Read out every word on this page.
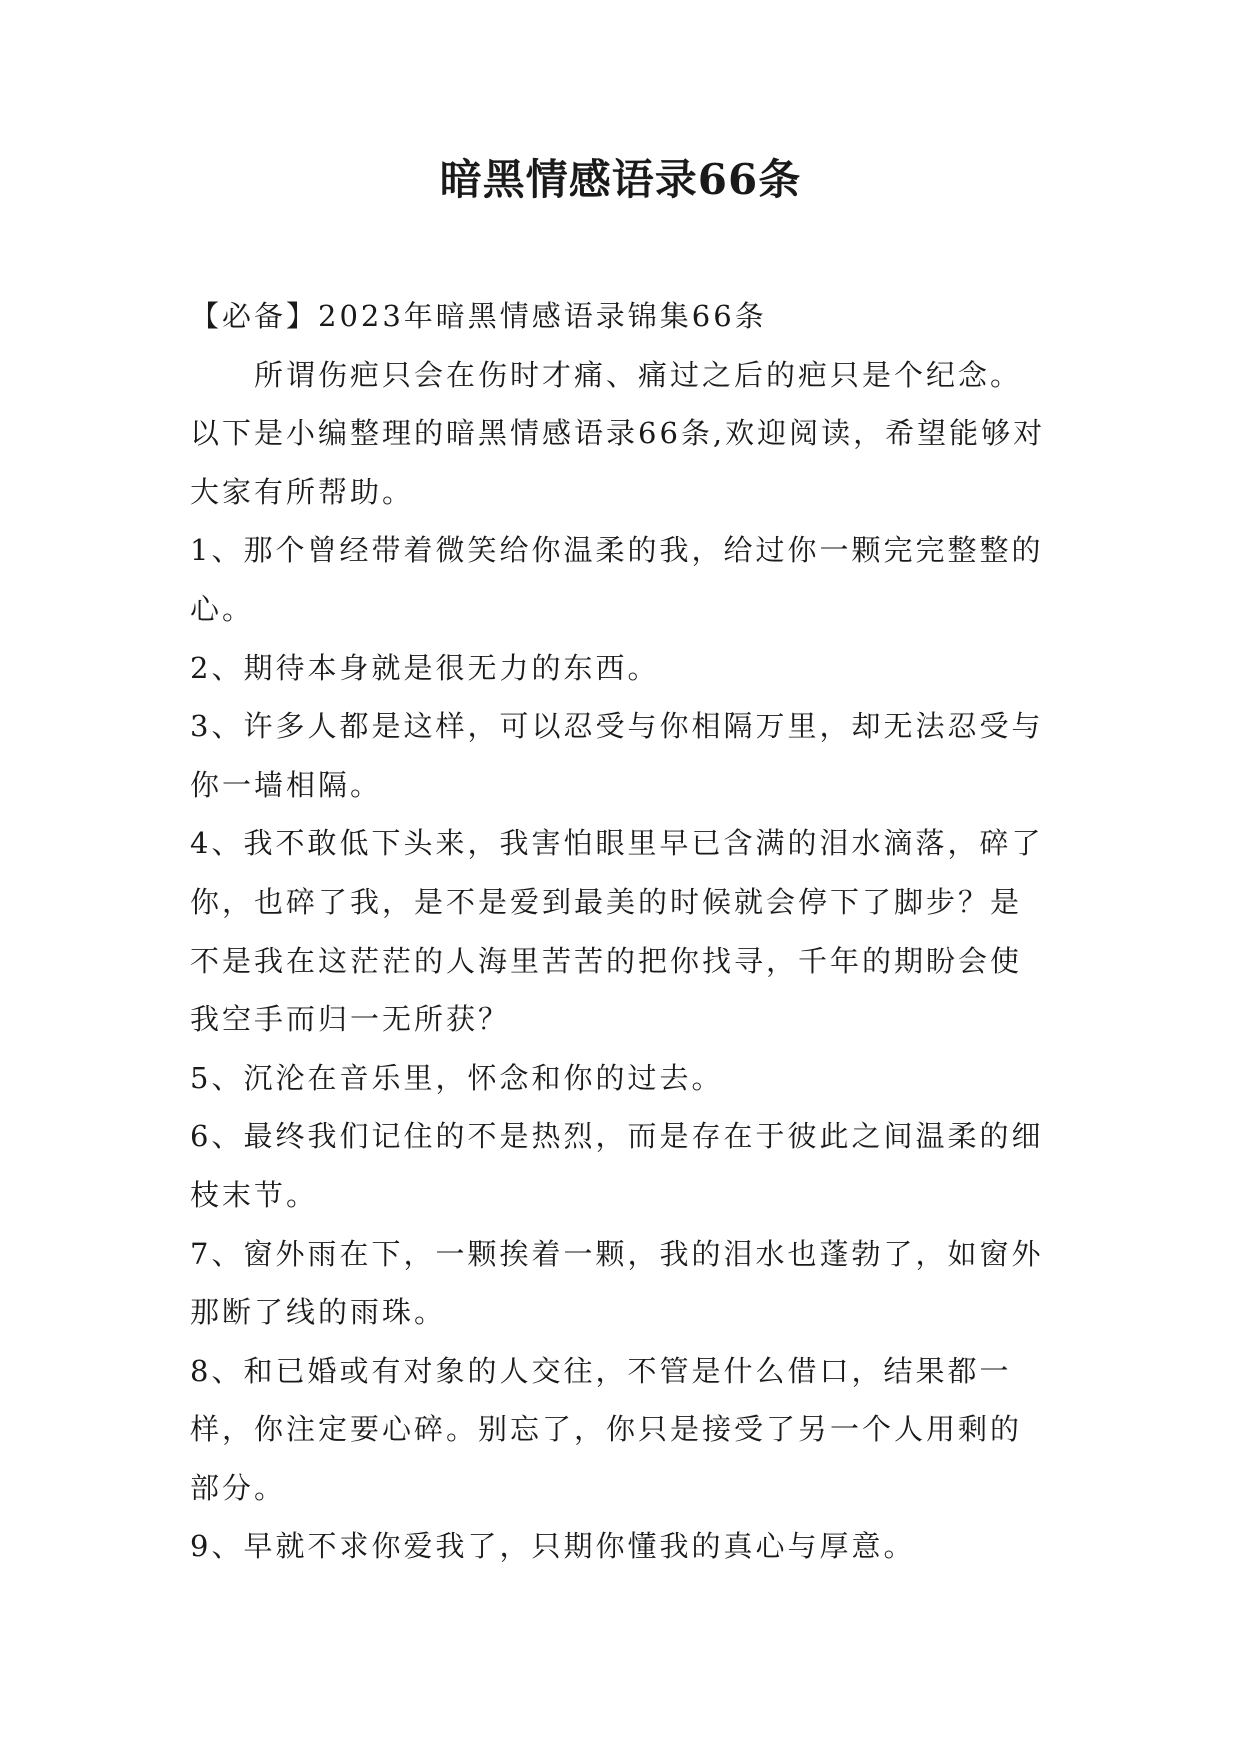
暗黑情感语录66条

【必备】2023年暗黑情感语录锦集66条

所谓伤疤只会在伤时才痛、痛过之后的疤只是个纪念。以下是小编整理的暗黑情感语录66条,欢迎阅读，希望能够对大家有所帮助。

1、那个曾经带着微笑给你温柔的我，给过你一颗完完整整的心。

2、期待本身就是很无力的东西。

3、许多人都是这样，可以忍受与你相隔万里，却无法忍受与你一墙相隔。

4、我不敢低下头来，我害怕眼里早已含满的泪水滴落，碎了你，也碎了我，是不是爱到最美的时候就会停下了脚步？是不是我在这茫茫的人海里苦苦的把你找寻，千年的期盼会使我空手而归一无所获？

5、沉沦在音乐里，怀念和你的过去。

6、最终我们记住的不是热烈，而是存在于彼此之间温柔的细枝末节。

7、窗外雨在下，一颗挨着一颗，我的泪水也蓬勃了，如窗外那断了线的雨珠。

8、和已婚或有对象的人交往，不管是什么借口，结果都一样，你注定要心碎。别忘了，你只是接受了另一个人用剩的部分。

9、早就不求你爱我了，只期你懂我的真心与厚意。
